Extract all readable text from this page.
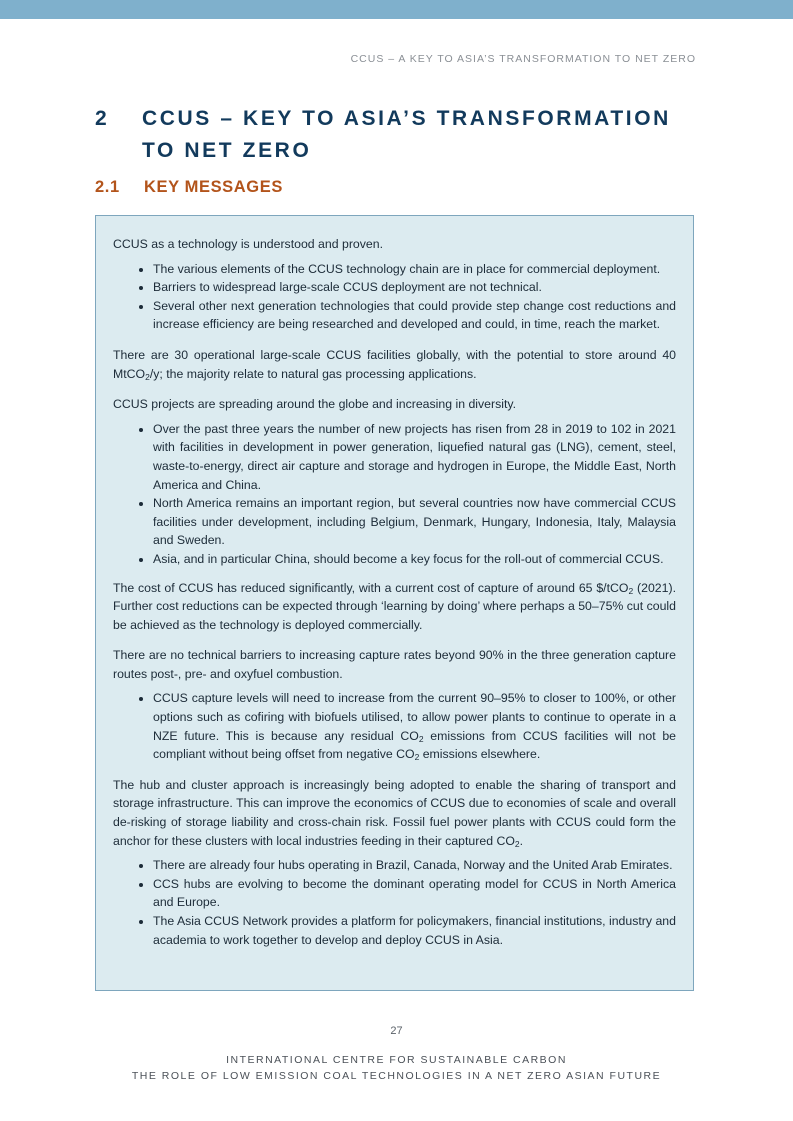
CCUS – A KEY TO ASIA’S TRANSFORMATION TO NET ZERO
2 CCUS – KEY TO ASIA’S TRANSFORMATION TO NET ZERO
2.1 KEY MESSAGES

CCUS as a technology is understood and proven.

• The various elements of the CCUS technology chain are in place for commercial deployment.
• Barriers to widespread large-scale CCUS deployment are not technical.
• Several other next generation technologies that could provide step change cost reductions and increase efficiency are being researched and developed and could, in time, reach the market.

There are 30 operational large-scale CCUS facilities globally, with the potential to store around 40 MtCO$_2$/y; the majority relate to natural gas processing applications.

CCUS projects are spreading around the globe and increasing in diversity.

• Over the past three years the number of new projects has risen from 28 in 2019 to 102 in 2021 with facilities in development in power generation, liquefied natural gas (LNG), cement, steel, waste-to-energy, direct air capture and storage and hydrogen in Europe, the Middle East, North America and China.
• North America remains an important region, but several countries now have commercial CCUS facilities under development, including Belgium, Denmark, Hungary, Indonesia, Italy, Malaysia and Sweden.
• Asia, and in particular China, should become a key focus for the roll-out of commercial CCUS.

The cost of CCUS has reduced significantly, with a current cost of capture of around 65 $/tCO$_2$ (2021). Further cost reductions can be expected through ‘learning by doing’ where perhaps a 50–75% cut could be achieved as the technology is deployed commercially.

There are no technical barriers to increasing capture rates beyond 90% in the three generation capture routes post-, pre- and oxyfuel combustion.

• CCUS capture levels will need to increase from the current 90–95% to closer to 100%, or other options such as cofiring with biofuels utilised, to allow power plants to continue to operate in a NZE future. This is because any residual $CO_2$ emissions from CCUS facilities will not be compliant without being offset from negative $CO_2$ emissions elsewhere.

The hub and cluster approach is increasingly being adopted to enable the sharing of transport and storage infrastructure. This can improve the economics of CCUS due to economies of scale and overall de-risking of storage liability and cross-chain risk. Fossil fuel power plants with CCUS could form the anchor for these clusters with local industries feeding in their captured $CO_2$.

• There are already four hubs operating in Brazil, Canada, Norway and the United Arab Emirates.
• CCS hubs are evolving to become the dominant operating model for CCUS in North America and Europe.
• The Asia CCUS Network provides a platform for policymakers, financial institutions, industry and academia to work together to develop and deploy CCUS in Asia.
27
INTERNATIONAL CENTRE FOR SUSTAINABLE CARBON
THE ROLE OF LOW EMISSION COAL TECHNOLOGIES IN A NET ZERO ASIAN FUTURE
